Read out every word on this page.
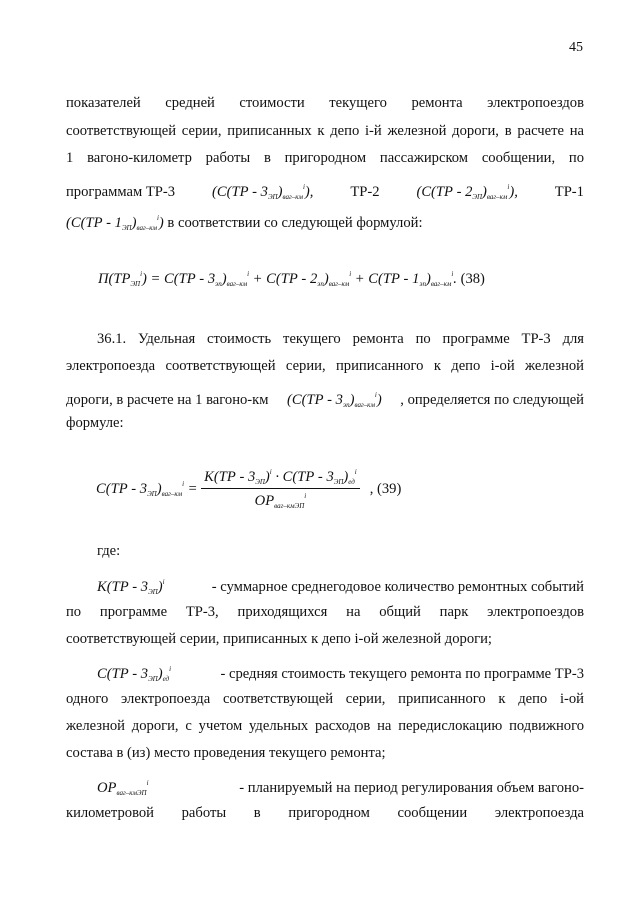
45
показателей средней стоимости текущего ремонта электропоездов
соответствующей серии, приписанных к депо i-й железной дороги, в расчете на
1 вагоно-километр работы в пригородном пассажирском сообщении, по
программам ТР-3	$(C(ТР - 3_{ЭП})_{ваг-км}^i)$,	ТР-2	$(C(ТР - 2_{ЭП})_{ваг-км}^i)$,	ТР-1
$(C(ТР - 1_{ЭП})_{ваг-км}^i)$ в соответствии со следующей формулой:
$П(ТР_{ЭП}^i) = C(ТР - 3_{эп})_{ваг-км}^i + C(ТР - 2_{эп})_{ваг-км}^i + C(ТР - 1_{эп})_{ваг-км}^i$. (38)
36.1. Удельная стоимость текущего ремонта по программе ТР-3 для
электропоезда соответствующей серии, приписанного к депо i-ой железной
дороги, в расчете на 1 вагоно-км $(C(ТР - 3_{эп})_{ваг-км}^i)$ , определяется по следующей
формуле:
$C(ТР - 3_{ЭП})_{ваг-км}^i = \frac{K(ТР - 3_{ЭП})^i \cdot C(ТР - 3_{ЭП})_{ед}^i}{OP_{ваг-кмЭП}^i}$ , (39)
где:
$K(ТР - 3_{ЭП})^i$	- суммарное среднегодовое количество ремонтных событий
по программе ТР-3, приходящихся на общий парк электропоездов
соответствующей серии, приписанных к депо i-ой железной дороги;
$C(ТР - 3_{ЭП})_{ед}^i$	- средняя стоимость текущего ремонта по программе ТР-3
одного электропоезда соответствующей серии, приписанного к депо i-ой
железной дороги, с учетом удельных расходов на передислокацию подвижного
состава в (из) место проведения текущего ремонта;
$OP_{ваг-кмЭП}^i$	- планируемый на период регулирования объем вагоно-
километровой работы в пригородном сообщении электропоезда
